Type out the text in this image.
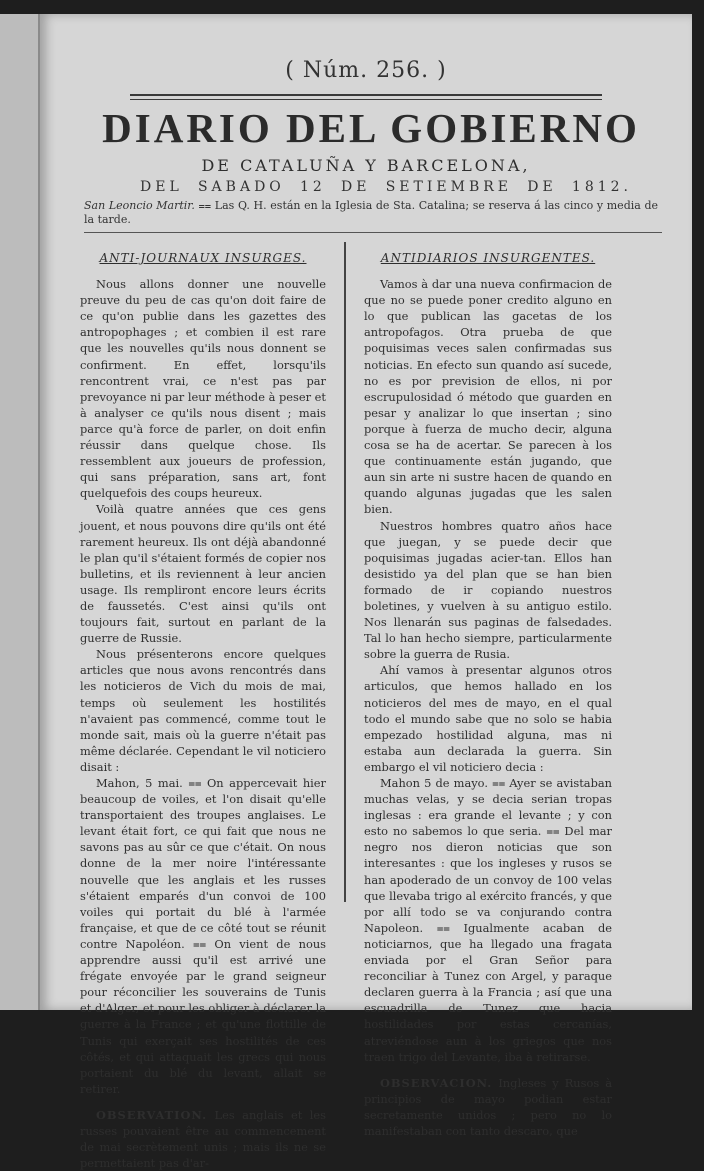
( Núm. 256. )
DIARIO DEL GOBIERNO
DE CATALUÑA Y BARCELONA,
DEL SABADO 12 DE SETIEMBRE DE 1812.
San Leoncio Martir. ⩵ Las Q. H. están en la Iglesia de Sta. Catalina; se reserva á las cinco y media de la tarde.
ANTI-JOURNAUX INSURGES.

Nous allons donner une nouvelle preuve du peu de cas qu'on doit faire de ce qu'on publie dans les gazettes des antropophages ; et combien il est rare que les nouvelles qu'ils nous donnent se confirment. En effet, lorsqu'ils rencontrent vrai, ce n'est pas par prevoyance ni par leur méthode à peser et à analyser ce qu'ils nous disent ; mais parce qu'à force de parler, on doit enfin réussir dans quelque chose. Ils ressemblent aux joueurs de profession, qui sans préparation, sans art, font quelquefois des coups heureux.

Voilà quatre années que ces gens jouent, et nous pouvons dire qu'ils ont été rarement heureux. Ils ont déjà abandonné le plan qu'il s'étaient formés de copier nos bulletins, et ils reviennent à leur ancien usage. Ils rempliront encore leurs écrits de faussetés. C'est ainsi qu'ils ont toujours fait, surtout en parlant de la guerre de Russie.

Nous présenterons encore quelques articles que nous avons rencontrés dans les noticieros de Vich du mois de mai, temps où seulement les hostilités n'avaient pas commencé, comme tout le monde sait, mais où la guerre n'était pas même déclarée. Cependant le vil noticiero disait :

Mahon, 5 mai. ⩵ On appercevait hier beaucoup de voiles, et l'on disait qu'elle transportaient des troupes anglaises. Le levant était fort, ce qui fait que nous ne savons pas au sûr ce que c'était. On nous donne de la mer noire l'intéressante nouvelle que les anglais et les russes s'étaient emparés d'un convoi de 100 voiles qui portait du blé à l'armée française, et que de ce côté tout se réunit contre Napoléon. ⩵ On vient de nous apprendre aussi qu'il est arrivé une frégate envoyée par le grand seigneur pour réconcilier les souverains de Tunis et d'Alger, et pour les obliger à déclarer la guerre à la France ; et qu'une flottille de Tunis qui exerçait ses hostilités de ces côtés, et qui attaquait les grecs qui nous portaient du blé du levant, allait se retirer.

OBSERVATION. Les anglais et les russes pouvaient être au commencement de mai secrètement unis ; mais ils ne se permettaient pas d'ar-

ANTIDIARIOS INSURGENTES.

Vamos à dar una nueva confirmacion de que no se puede poner credito alguno en lo que publican las gacetas de los antropofagos. Otra prueba de que poquisimas veces salen confirmadas sus noticias. En efecto sun quando así sucede, no es por prevision de ellos, ni por escrupulosidad ó método que guarden en pesar y analizar lo que insertan ; sino porque à fuerza de mucho decir, alguna cosa se ha de acertar. Se parecen à los que continuamente están jugando, que aun sin arte ni sustre hacen de quando en quando algunas jugadas que les salen bien.

Nuestros hombres quatro años hace que juegan, y se puede decir que poquisimas jugadas acier-tan. Ellos han desistido ya del plan que se han bien formado de ir copiando nuestros boletines, y vuelven à su antiguo estilo. Nos llenarán sus paginas de falsedades. Tal lo han hecho siempre, particularmente sobre la guerra de Rusia.

Ahí vamos à presentar algunos otros articulos, que hemos hallado en los noticieros del mes de mayo, en el qual todo el mundo sabe que no solo se habia empezado hostilidad alguna, mas ni estaba aun declarada la guerra. Sin embargo el vil noticiero decia :

Mahon 5 de mayo. ⩵ Ayer se avistaban muchas velas, y se decia serian tropas inglesas : era grande el levante ; y con esto no sabemos lo que seria. ⩵ Del mar negro nos dieron noticias que son interesantes : que los ingleses y rusos se han apoderado de un convoy de 100 velas que llevaba trigo al exército francés, y que por allí todo se va conjurando contra Napoleon. ⩵ Igualmente acaban de noticiarnos, que ha llegado una fragata enviada por el Gran Señor para reconciliar à Tunez con Argel, y paraque declaren guerra à la Francia ; así que una escuadrilla de Tunez que hacia hostilidades por estas cercanías, atreviéndose aun à los griegos que nos traen trigo del Levante, iba à retirarse.

OBSERVACION. Ingleses y Rusos à principios de mayo podian estar secretamente unidos ; pero no lo manifestaban con tanto descaro, que
